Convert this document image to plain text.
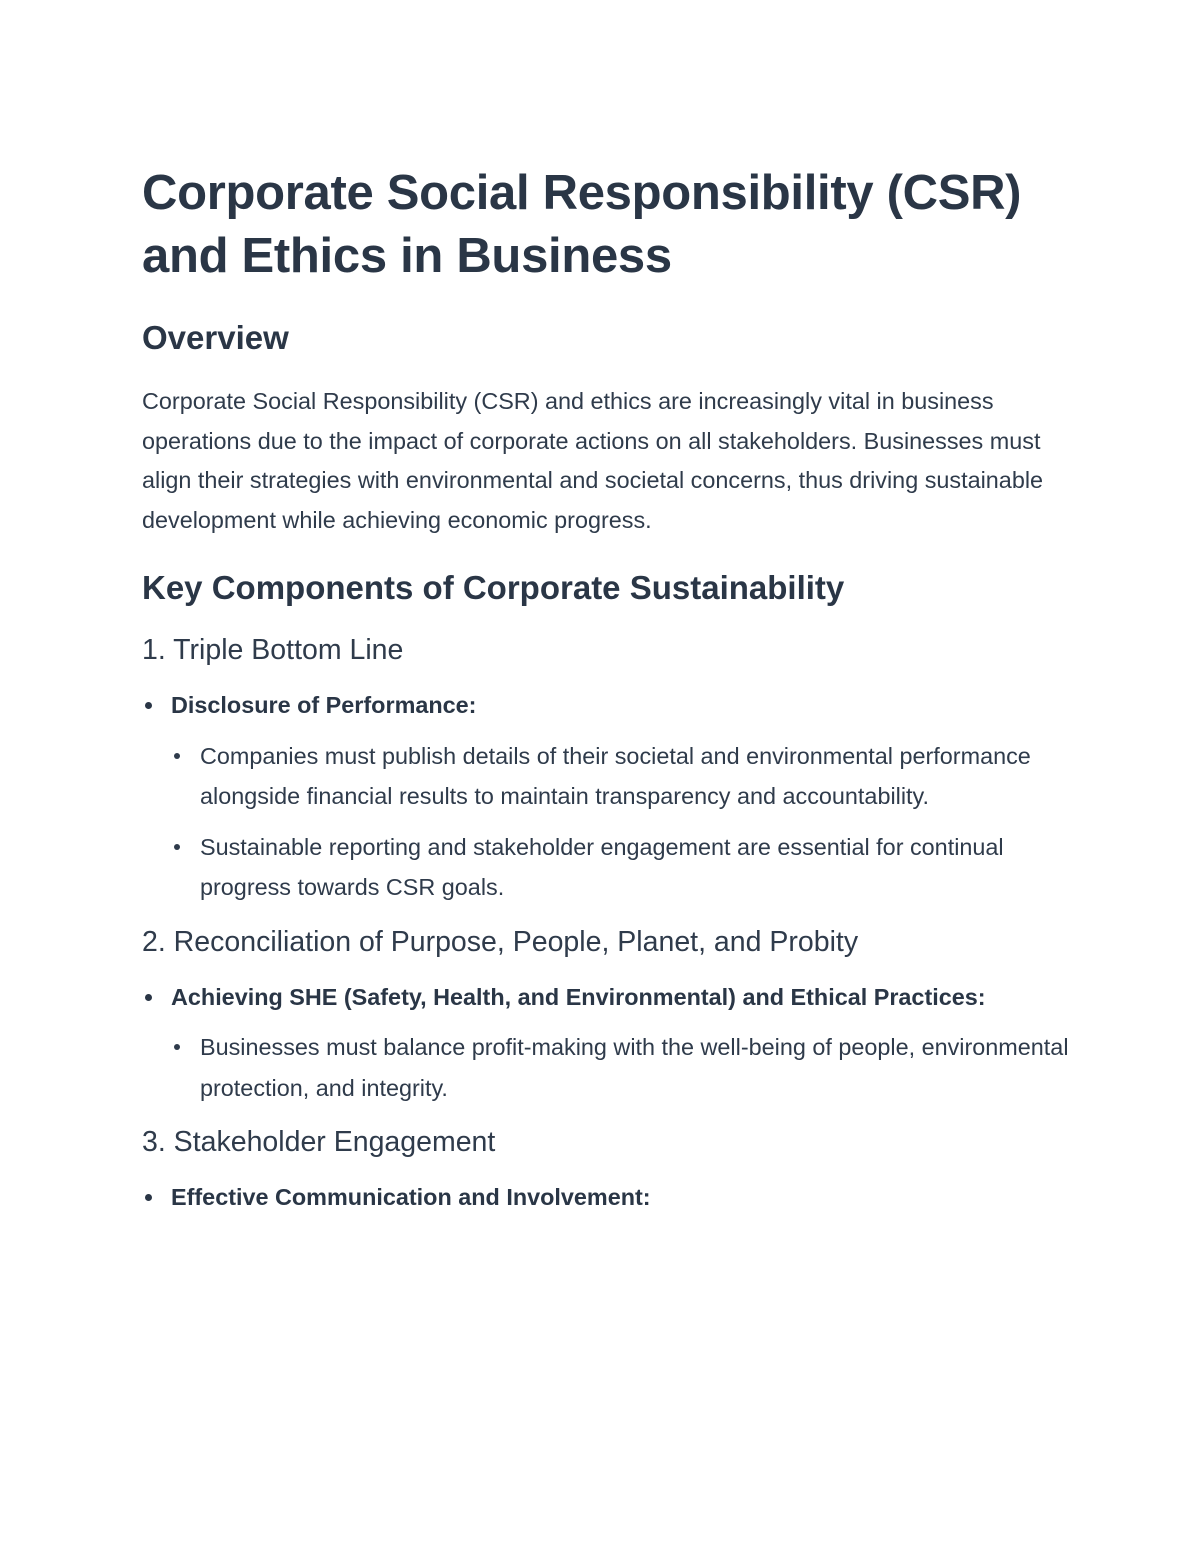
Corporate Social Responsibility (CSR) and Ethics in Business
Overview

Corporate Social Responsibility (CSR) and ethics are increasingly vital in business operations due to the impact of corporate actions on all stakeholders. Businesses must align their strategies with environmental and societal concerns, thus driving sustainable development while achieving economic progress.

Key Components of Corporate Sustainability
1. Triple Bottom Line
Disclosure of Performance:
Companies must publish details of their societal and environmental performance alongside financial results to maintain transparency and accountability.
Sustainable reporting and stakeholder engagement are essential for continual progress towards CSR goals.
2. Reconciliation of Purpose, People, Planet, and Probity
Achieving SHE (Safety, Health, and Environmental) and Ethical Practices:
Businesses must balance profit-making with the well-being of people, environmental protection, and integrity.
3. Stakeholder Engagement
Effective Communication and Involvement:
